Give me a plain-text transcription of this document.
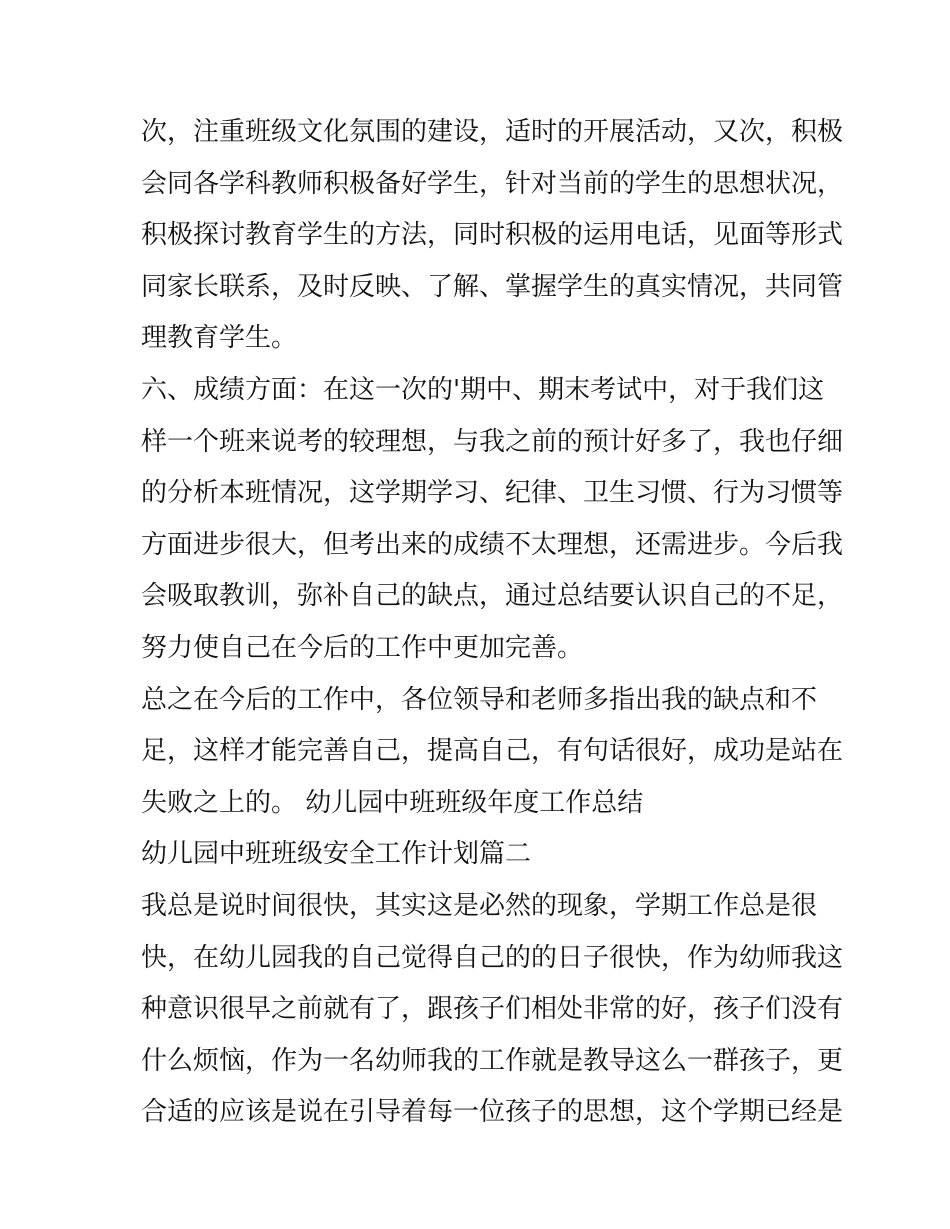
次，注重班级文化氛围的建设，适时的开展活动，又次，积极
会同各学科教师积极备好学生，针对当前的学生的思想状况，
积极探讨教育学生的方法，同时积极的运用电话，见面等形式
同家长联系，及时反映、了解、掌握学生的真实情况，共同管
理教育学生。
六、成绩方面：在这一次的'期中、期末考试中，对于我们这
样一个班来说考的较理想，与我之前的预计好多了，我也仔细
的分析本班情况，这学期学习、纪律、卫生习惯、行为习惯等
方面进步很大，但考出来的成绩不太理想，还需进步。今后我
会吸取教训，弥补自己的缺点，通过总结要认识自己的不足，
努力使自己在今后的工作中更加完善。
总之在今后的工作中，各位领导和老师多指出我的缺点和不
足，这样才能完善自己，提高自己，有句话很好，成功是站在
失败之上的。 幼儿园中班班级年度工作总结
幼儿园中班班级安全工作计划篇二
我总是说时间很快，其实这是必然的现象，学期工作总是很
快，在幼儿园我的自己觉得自己的的日子很快，作为幼师我这
种意识很早之前就有了，跟孩子们相处非常的好，孩子们没有
什么烦恼，作为一名幼师我的工作就是教导这么一群孩子，更
合适的应该是说在引导着每一位孩子的思想，这个学期已经是
